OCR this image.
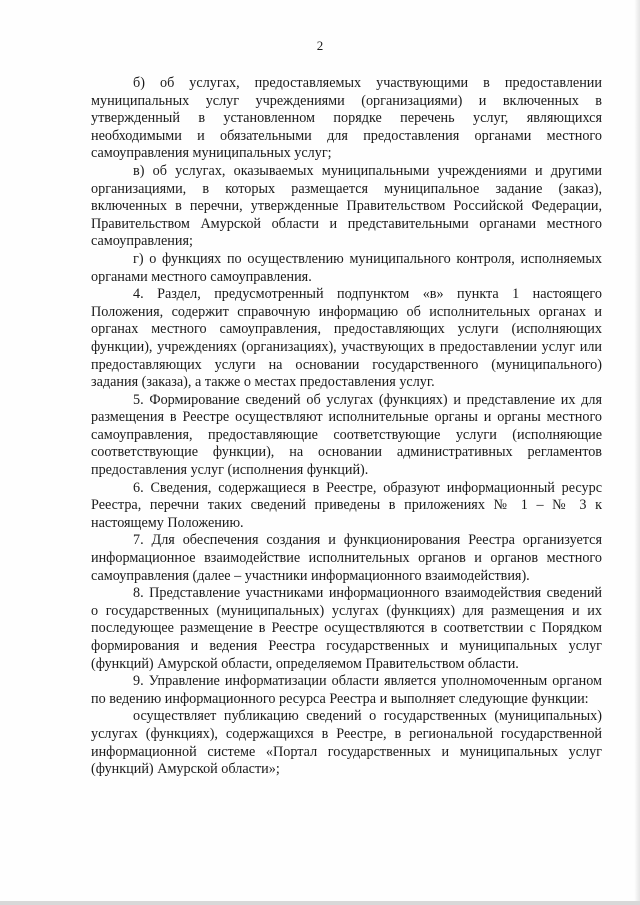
2

б) об услугах, предоставляемых участвующими в предоставлении муниципальных услуг учреждениями (организациями) и включенных в утвержденный в установленном порядке перечень услуг, являющихся необходимыми и обязательными для предоставления органами местного самоуправления муниципальных услуг;

в) об услугах, оказываемых муниципальными учреждениями и другими организациями, в которых размещается муниципальное задание (заказ), включенных в перечни, утвержденные Правительством Российской Федерации, Правительством Амурской области и представительными органами местного самоуправления;

г) о функциях по осуществлению муниципального контроля, исполняемых органами местного самоуправления.

4. Раздел, предусмотренный подпунктом «в» пункта 1 настоящего Положения, содержит справочную информацию об исполнительных органах и органах местного самоуправления, предоставляющих услуги (исполняющих функции), учреждениях (организациях), участвующих в предоставлении услуг или предоставляющих услуги на основании государственного (муниципального) задания (заказа), а также о местах предоставления услуг.

5. Формирование сведений об услугах (функциях) и представление их для размещения в Реестре осуществляют исполнительные органы и органы местного самоуправления, предоставляющие соответствующие услуги (исполняющие соответствующие функции), на основании административных регламентов предоставления услуг (исполнения функций).

6. Сведения, содержащиеся в Реестре, образуют информационный ресурс Реестра, перечни таких сведений приведены в приложениях № 1 – № 3 к настоящему Положению.

7. Для обеспечения создания и функционирования Реестра организуется информационное взаимодействие исполнительных органов и органов местного самоуправления (далее – участники информационного взаимодействия).

8. Представление участниками информационного взаимодействия сведений о государственных (муниципальных) услугах (функциях) для размещения и их последующее размещение в Реестре осуществляются в соответствии с Порядком формирования и ведения Реестра государственных и муниципальных услуг (функций) Амурской области, определяемом Правительством области.

9. Управление информатизации области является уполномоченным органом по ведению информационного ресурса Реестра и выполняет следующие функции:

осуществляет публикацию сведений о государственных (муниципальных) услугах (функциях), содержащихся в Реестре, в региональной государственной информационной системе «Портал государственных и муниципальных услуг (функций) Амурской области»;
